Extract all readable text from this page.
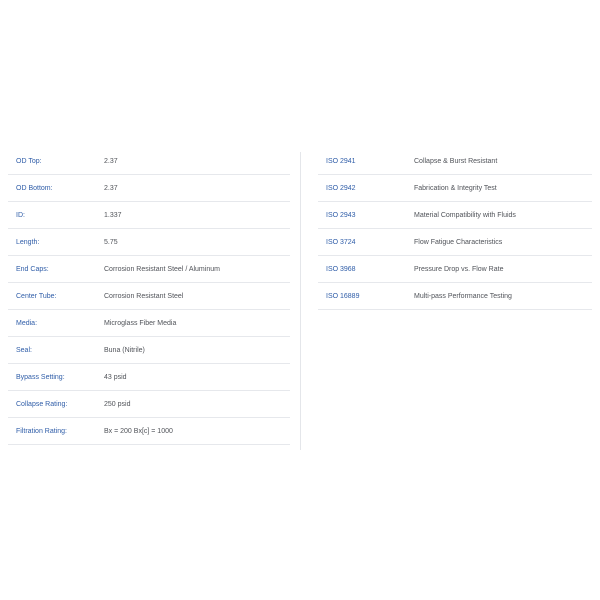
OD Top:	2.37
OD Bottom:	2.37
ID:	1.337
Length:	5.75
End Caps:	Corrosion Resistant Steel / Aluminum
Center Tube:	Corrosion Resistant Steel
Media:	Microglass Fiber Media
Seal:	Buna (Nitrile)
Bypass Setting:	43 psid
Collapse Rating:	250 psid
Filtration Rating:	Bx = 200 Bx[c] = 1000
ISO 2941	Collapse & Burst Resistant
ISO 2942	Fabrication & Integrity Test
ISO 2943	Material Compatibility with Fluids
ISO 3724	Flow Fatigue Characteristics
ISO 3968	Pressure Drop vs. Flow Rate
ISO 16889	Multi-pass Performance Testing
